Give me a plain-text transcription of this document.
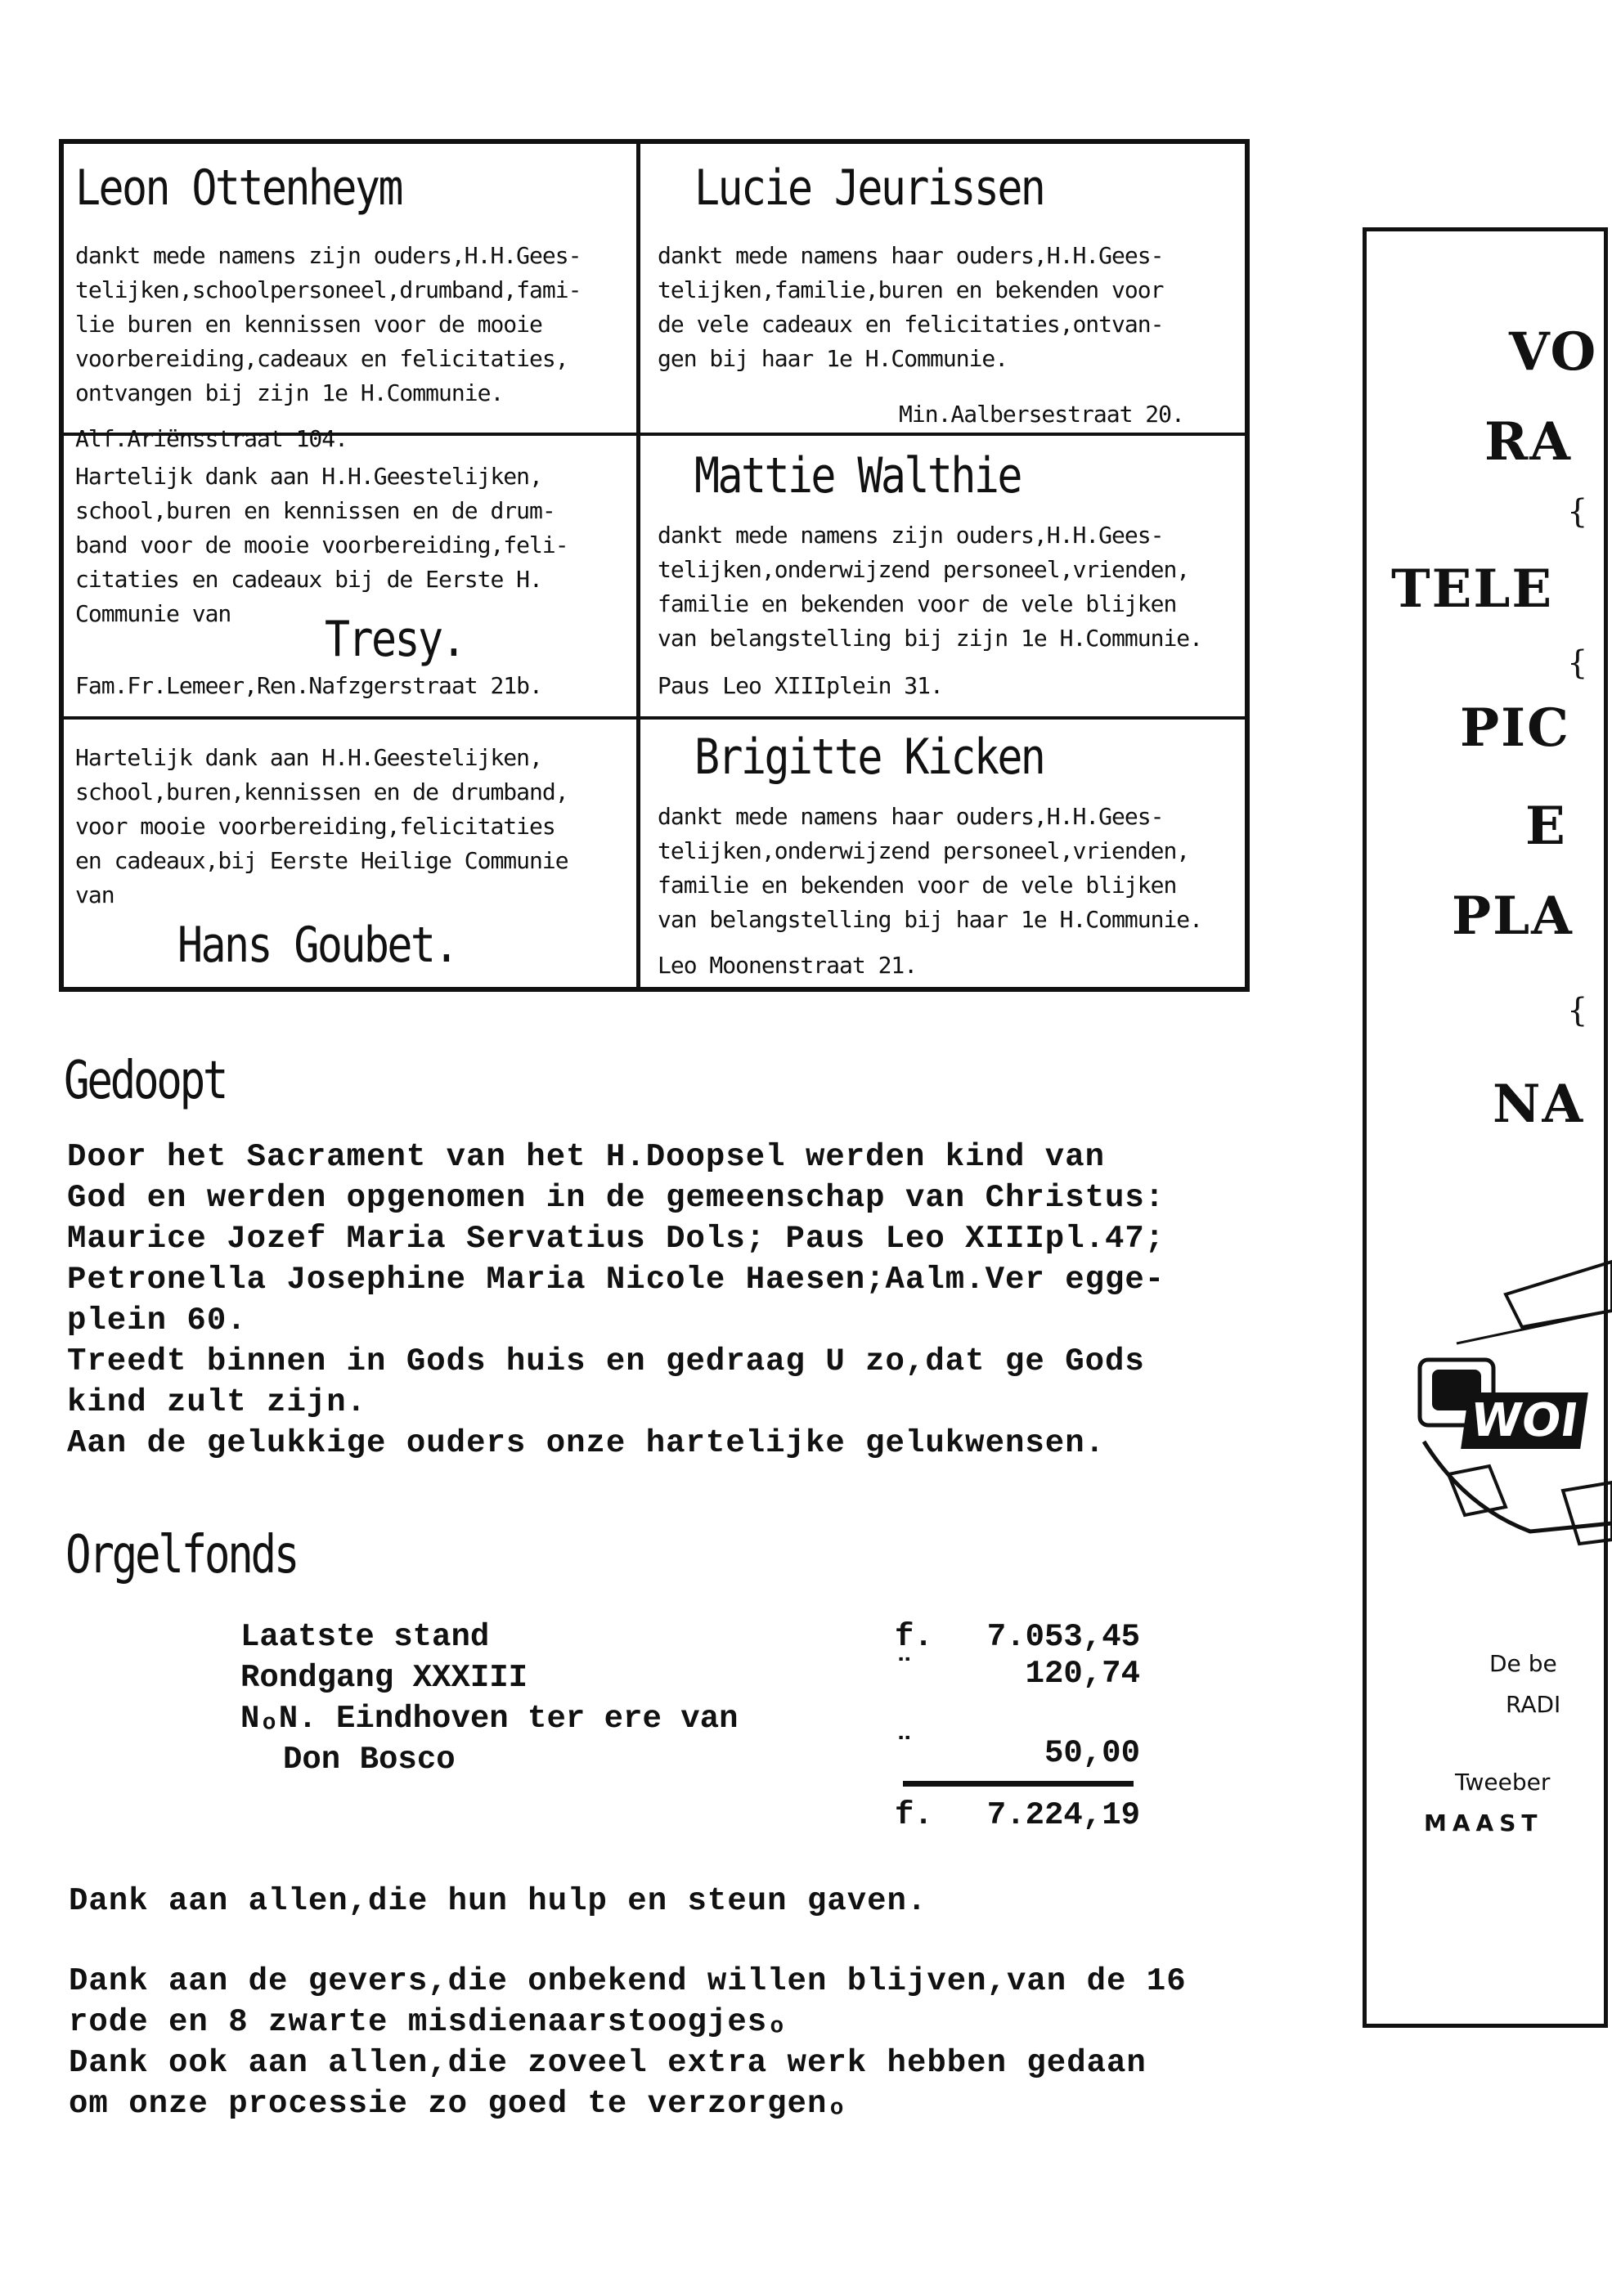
Leon Ottenheym
dankt mede namens zijn ouders,H.H.Gees-
telijken,schoolpersoneel,drumband,fami-
lie buren en kennissen voor de mooie
voorbereiding,cadeaux en felicitaties,
ontvangen bij zijn 1e H.Communie.
Alf.Ariënsstraat 104.
Lucie Jeurissen
dankt mede namens haar ouders,H.H.Gees-
telijken,familie,buren en bekenden voor
de vele cadeaux en felicitaties,ontvan-
gen bij haar 1e H.Communie.
Min.Aalbersestraat 20.
Hartelijk dank aan H.H.Geestelijken,
school,buren en kennissen en de drum-
band voor de mooie voorbereiding,feli-
citaties en cadeaux bij de Eerste H.
Communie van	Tresy.
Fam.Fr.Lemeer,Ren.Nafzgerstraat 21b.
Mattie Walthie
dankt mede namens zijn ouders,H.H.Gees-
telijken,onderwijzend personeel,vrienden,
familie en bekenden voor de vele blijken
van belangstelling bij zijn 1e H.Communie.
Paus Leo XIIIplein 31.
Hartelijk dank aan H.H.Geestelijken,
school,buren,kennissen en de drumband,
voor mooie voorbereiding,felicitaties
en cadeaux,bij Eerste Heilige Communie
van
Hans Goubet.
Brigitte Kicken
dankt mede namens haar ouders,H.H.Gees-
telijken,onderwijzend personeel,vrienden,
familie en bekenden voor de vele blijken
van belangstelling bij haar 1e H.Communie.
Leo Moonenstraat 21.
Gedoopt
Door het Sacrament van het H.Doopsel werden kind van
God en werden opgenomen in de gemeenschap van Christus:
Maurice Jozef Maria Servatius Dols; Paus Leo XIIIpl.47;
Petronella Josephine Maria Nicole Haesen;Aalm.Ver egge-
plein 60.
Treedt binnen in Gods huis en gedraag U zo,dat ge Gods
kind zult zijn.
Aan de gelukkige ouders onze hartelijke gelukwensen.
Orgelfonds
Laatste stand	f.	7.053,45
Rondgang XXXIII	¨	120,74
NₒN. Eindhoven ter ere van
Don Bosco	¨	50,00
f.	7.224,19
Dank aan allen,die hun hulp en steun gaven.
Dank aan de gevers,die onbekend willen blijven,van de 16
rode en 8 zwarte misdienaarstoogjesₒ
Dank ook aan allen,die zoveel extra werk hebben gedaan
om onze processie zo goed te verzorgenₒ
VO
RA
TELE
PIC
E
PLA
NA
{
{
{
WOI
De be
RADI
Tweeber
MAAST
